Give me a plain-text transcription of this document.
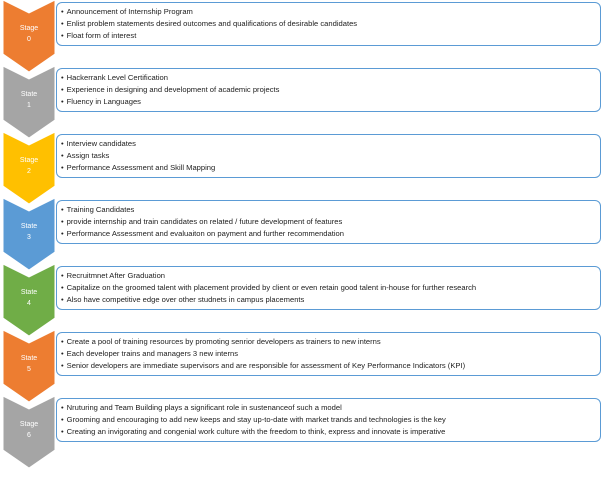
Stage
0
• Announcement of Internship Program
• Enlist problem statements desired outcomes and qualifications of desirable candidates
• Float form of interest
State
1
• Hackerrank Level Certification
• Experience in designing and development of academic projects
• Fluency in Languages
Stage
2
• Interview candidates
• Assign tasks
• Performance Assessment and Skill Mapping
State
3
• Training Candidates
• provide internship and train candidates on related / future development of features
• Performance Assessment and evaluaiton on payment and further recommendation
State
4
• Recruitmnet After Graduation
• Capitalize on the groomed talent with placement provided by client or even retain good talent in-house for further research
• Also have competitive edge over other studnets in campus placements
State
5
• Create a pool of training resources by promoting senrior developers as trainers to new interns
• Each developer trains and managers 3 new interns
• Senior developers are immediate supervisors and are responsible for assessment of Key Performance Indicators (KPI)
Stage
6
• Nruturing and Team Building plays a significant role in sustenanceof such a model
• Grooming and encouraging to add new keeps and stay up-to-date with market trands and technologies is the key
• Creating an invigorating and congenial work culture with the freedom to think, express and innovate is imperative
